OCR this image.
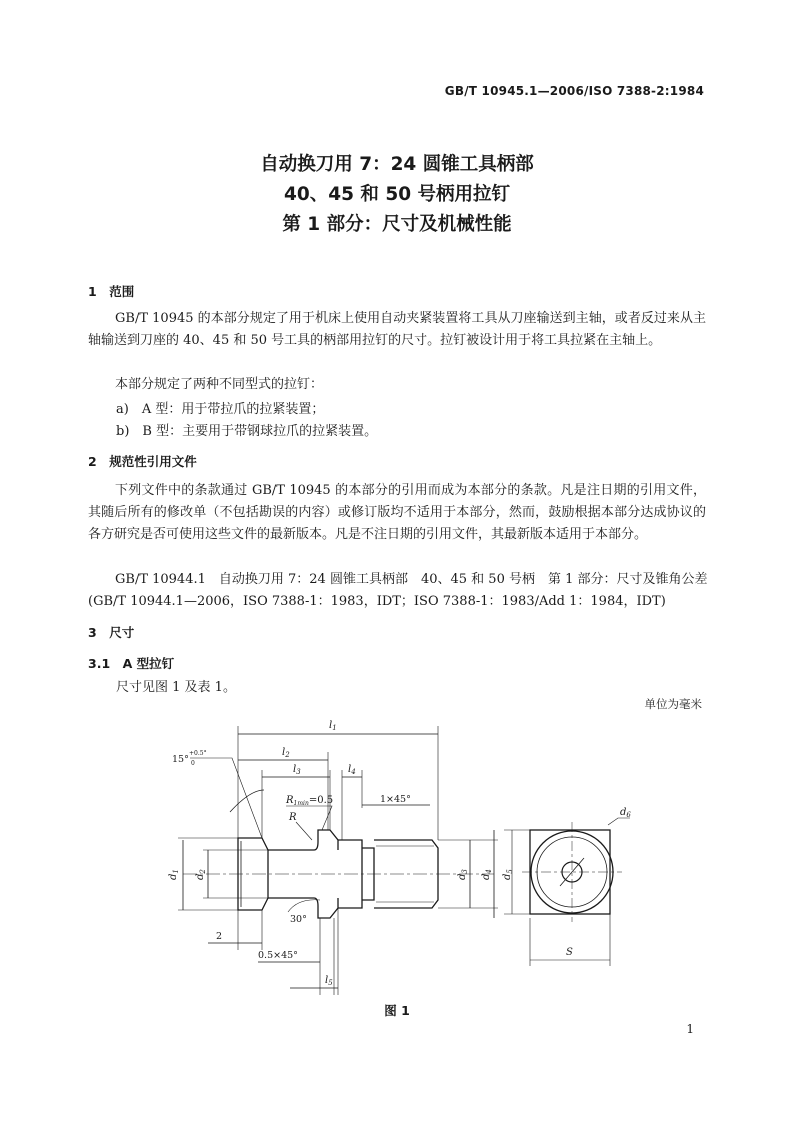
GB/T 10945.1—2006/ISO 7388-2:1984
自动换刀用 7：24 圆锥工具柄部
40、45 和 50 号柄用拉钉
第 1 部分：尺寸及机械性能
1　范围

GB/T 10945 的本部分规定了用于机床上使用自动夹紧装置将工具从刀座输送到主轴，或者反过来从主轴输送到刀座的 40、45 和 50 号工具的柄部用拉钉的尺寸。拉钉被设计用于将工具拉紧在主轴上。

本部分规定了两种不同型式的拉钉：

a)　A 型：用于带拉爪的拉紧装置；
b)　B 型：主要用于带钢球拉爪的拉紧装置。
2　规范性引用文件

下列文件中的条款通过 GB/T 10945 的本部分的引用而成为本部分的条款。凡是注日期的引用文件，其随后所有的修改单（不包括勘误的内容）或修订版均不适用于本部分，然而，鼓励根据本部分达成协议的各方研究是否可使用这些文件的最新版本。凡是不注日期的引用文件，其最新版本适用于本部分。

GB/T 10944.1　自动换刀用 7：24 圆锥工具柄部　40、45 和 50 号柄　第 1 部分：尺寸及锥角公差
(GB/T 10944.1—2006，ISO 7388-1：1983，IDT；ISO 7388-1：1983/Add 1：1984，IDT)
3　尺寸
3.1　A 型拉钉
尺寸见图 1 及表 1。
单位为毫米
$l_1$
$l_2$
$l_3$	$l_4$
$l_5$
$R_{1min}=0.5$
R
$d_1$
$d_2$
$d_3$
$d_4$
$d_5$
$d_6$
S
15°
+0.5°
0
1×45°
30°
2
0.5×45°
图 1
1
